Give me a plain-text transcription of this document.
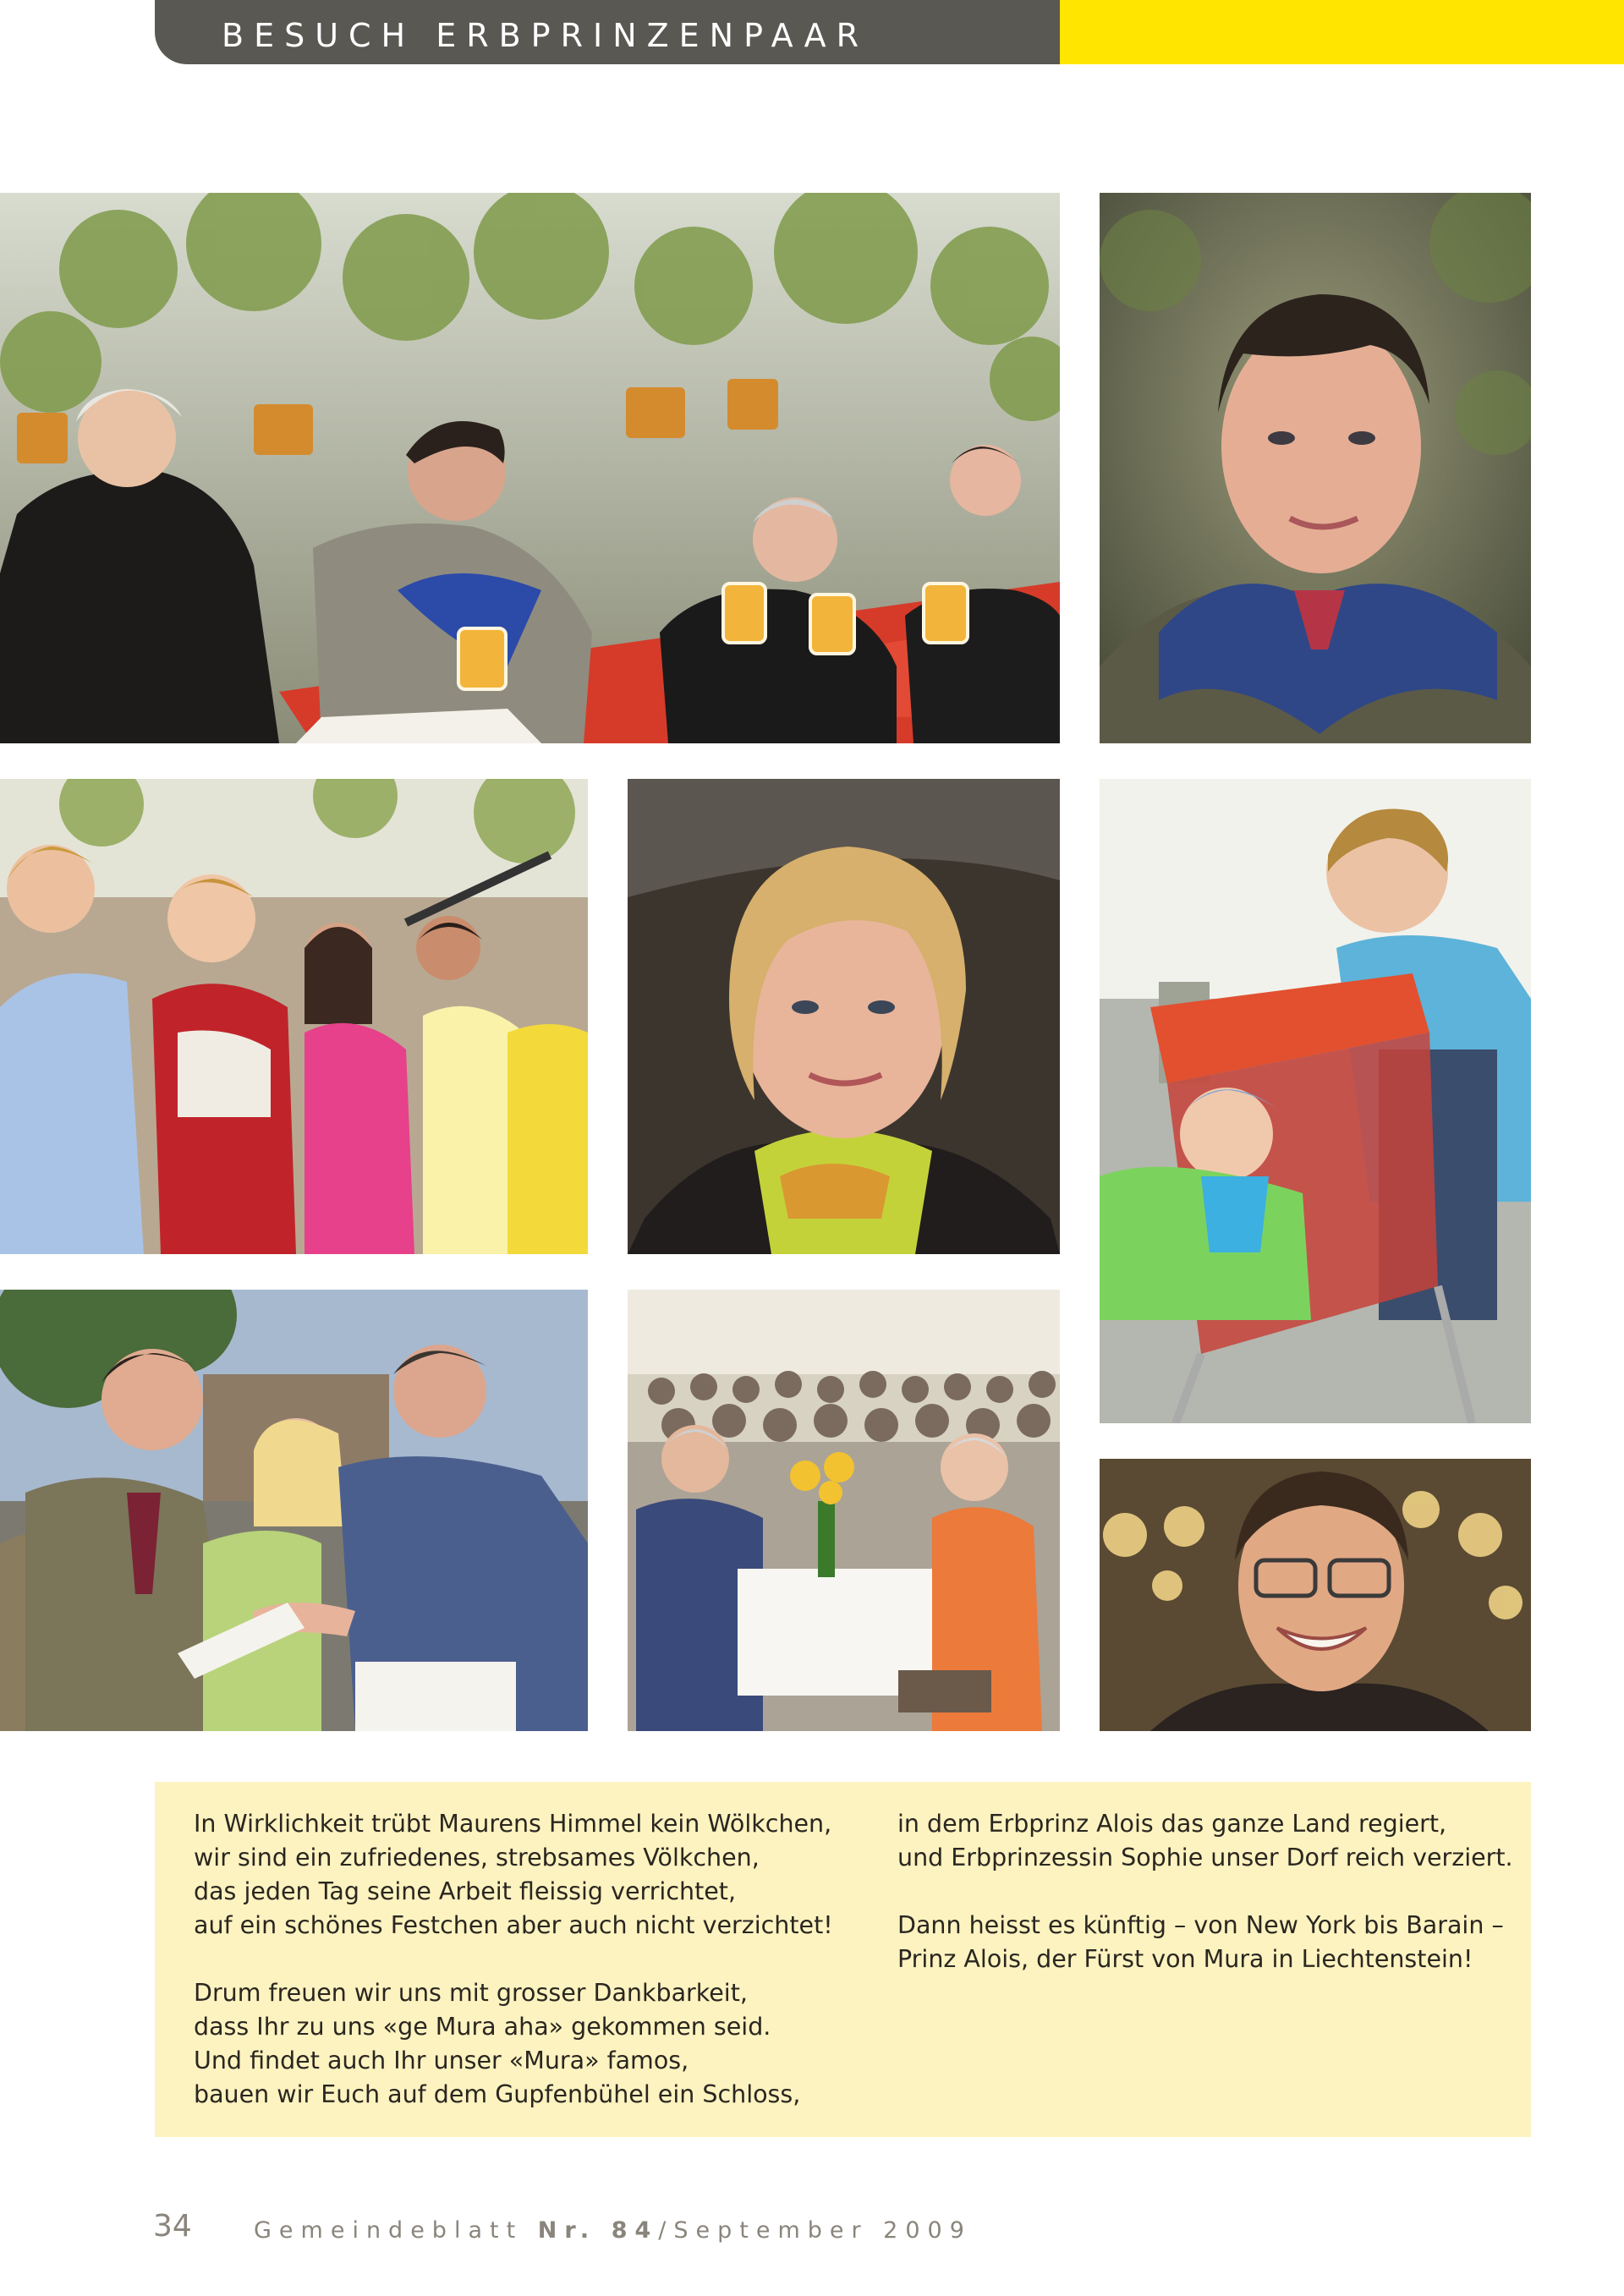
BESUCH ERBPRINZENPAAR
In Wirklichkeit trübt Maurens Himmel kein Wölkchen,
wir sind ein zufriedenes, strebsames Völkchen,
das jeden Tag seine Arbeit fleissig verrichtet,
auf ein schönes Festchen aber auch nicht verzichtet!
Drum freuen wir uns mit grosser Dankbarkeit,
dass Ihr zu uns «ge Mura aha» gekommen seid.
Und findet auch Ihr unser «Mura» famos,
bauen wir Euch auf dem Gupfenbühel ein Schloss,
in dem Erbprinz Alois das ganze Land regiert,
und Erbprinzessin Sophie unser Dorf reich verziert.
Dann heisst es künftig – von New York bis Barain –
Prinz Alois, der Fürst von Mura in Liechtenstein!
34	Gemeindeblatt Nr. 84/September 2009
